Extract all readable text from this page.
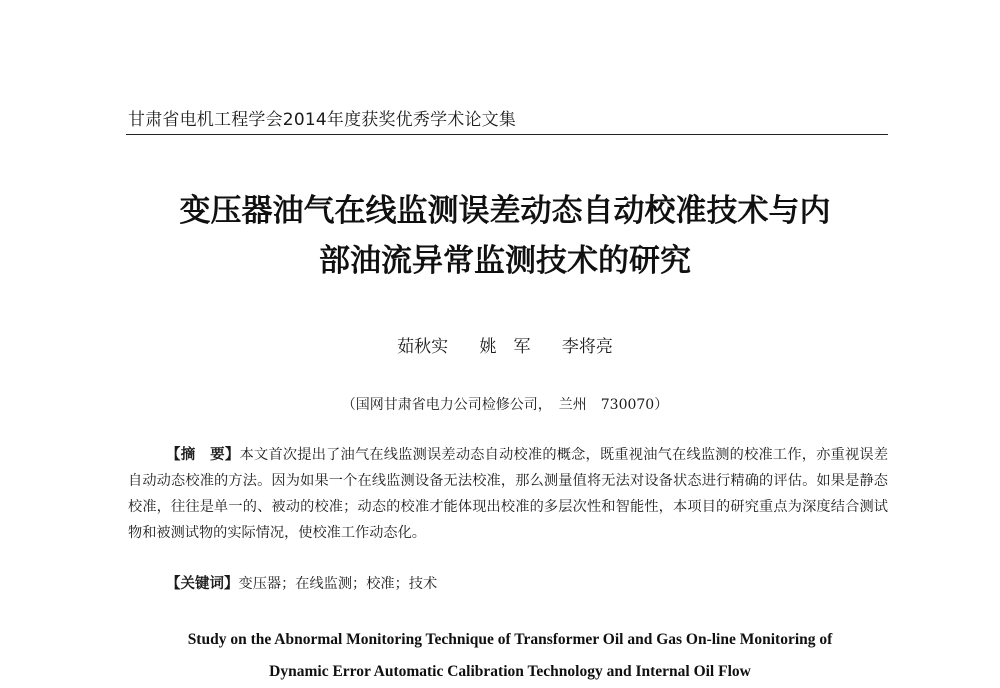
甘肃省电机工程学会2014年度获奖优秀学术论文集
变压器油气在线监测误差动态自动校准技术与内
部油流异常监测技术的研究
茹秋实 姚　军 李将亮
（国网甘肃省电力公司检修公司，　兰州　730070）
【摘　要】本文首次提出了油气在线监测误差动态自动校准的概念，既重视油气在线监测的校准工作，亦重视误差自动动态校准的方法。因为如果一个在线监测设备无法校准，那么测量值将无法对设备状态进行精确的评估。如果是静态校准，往往是单一的、被动的校准；动态的校准才能体现出校准的多层次性和智能性，本项目的研究重点为深度结合测试物和被测试物的实际情况，使校准工作动态化。
【关键词】变压器；在线监测；校准；技术
Study on the Abnormal Monitoring Technique of Transformer Oil and Gas On-line Monitoring of
Dynamic Error Automatic Calibration Technology and Internal Oil Flow
